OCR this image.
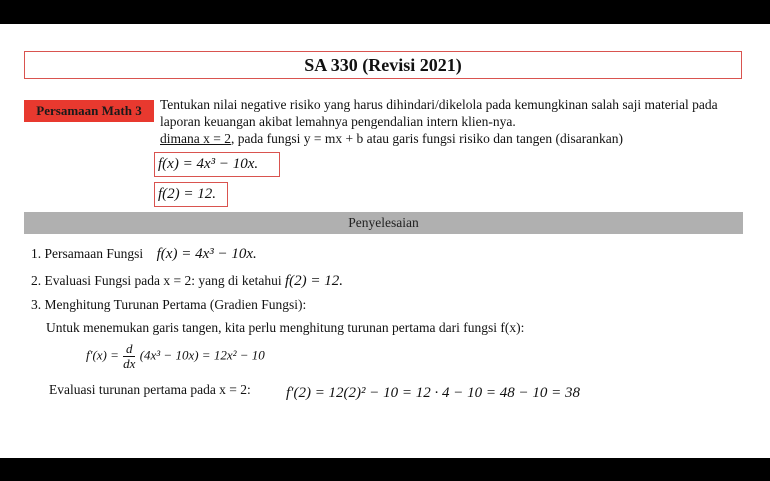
SA 330 (Revisi 2021)
Persamaan Math 3	Tentukan nilai negative risiko yang harus dihindari/dikelola pada kemungkinan salah saji material pada laporan keuangan akibat lemahnya pengendalian intern klien-nya.
dimana x = 2, pada fungsi y = mx + b atau garis fungsi risiko dan tangen (disarankan)
f(x) = 4x³ − 10x.
f(2) = 12.
Penyelesaian
1. Persamaan Fungsi f(x) = 4x³ − 10x.
2. Evaluasi Fungsi pada x = 2: yang di ketahui f(2) = 12.
3. Menghitung Turunan Pertama (Gradien Fungsi):
Untuk menemukan garis tangen, kita perlu menghitung turunan pertama dari fungsi f(x):
$f'(x) = \frac{d}{dx} (4x^3 - 10x) = 12x^2 - 10$
Evaluasi turunan pertama pada x = 2: f′(2) = 12(2)² − 10 = 12 · 4 − 10 = 48 − 10 = 38
